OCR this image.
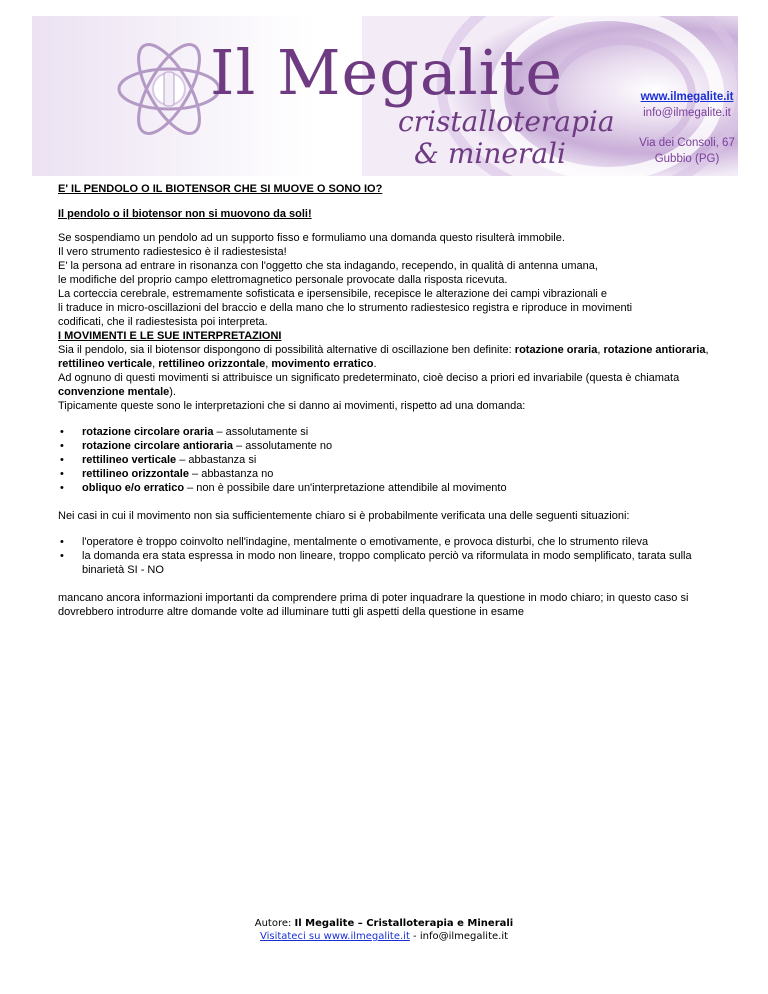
Il Megalite
cristalloterapia
& minerali
www.ilmegalite.it
info@ilmegalite.it
Via dei Consoli, 67
Gubbio (PG)

E' IL PENDOLO O IL BIOTENSOR CHE SI MUOVE O SONO IO?

Il pendolo o il biotensor non si muovono da soli!

Se sospendiamo un pendolo ad un supporto fisso e formuliamo una domanda questo risulterà immobile.
Il vero strumento radiestesico è il radiestesista!
E' la persona ad entrare in risonanza con l'oggetto che sta indagando, recependo, in qualità di antenna umana,
le modifiche del proprio campo elettromagnetico personale provocate dalla risposta ricevuta.
La corteccia cerebrale, estremamente sofisticata e ipersensibile, recepisce le alterazione dei campi vibrazionali e
li traduce in micro-oscillazioni del braccio e della mano che lo strumento radiestesico registra e riproduce in movimenti
codificati, che il radiestesista poi interpreta.

I MOVIMENTI E LE SUE INTERPRETAZIONI

Sia il pendolo, sia il biotensor dispongono di possibilità alternative di oscillazione ben definite: rotazione oraria, rotazione antioraria, rettilineo verticale, rettilineo orizzontale, movimento erratico.

Ad ognuno di questi movimenti si attribuisce un significato predeterminato, cioè deciso a priori ed invariabile (questa è chiamata convenzione mentale).

Tipicamente queste sono le interpretazioni che si danno ai movimenti, rispetto ad una domanda:

• rotazione circolare oraria – assolutamente si
• rotazione circolare antioraria – assolutamente no
• rettilineo verticale – abbastanza si
• rettilineo orizzontale – abbastanza no
• obliquo e/o erratico – non è possibile dare un'interpretazione attendibile al movimento

Nei casi in cui il movimento non sia sufficientemente chiaro si è probabilmente verificata una delle seguenti situazioni:

• l'operatore è troppo coinvolto nell'indagine, mentalmente o emotivamente, e provoca disturbi, che lo strumento rileva
• la domanda era stata espressa in modo non lineare, troppo complicato perciò va riformulata in modo semplificato, tarata sulla binarietà SI - NO

mancano ancora informazioni importanti da comprendere prima di poter inquadrare la questione in modo chiaro; in questo caso si dovrebbero introdurre altre domande volte ad illuminare tutti gli aspetti della questione in esame

Autore: Il Megalite – Cristalloterapia e Minerali
Visitateci su www.ilmegalite.it - info@ilmegalite.it
